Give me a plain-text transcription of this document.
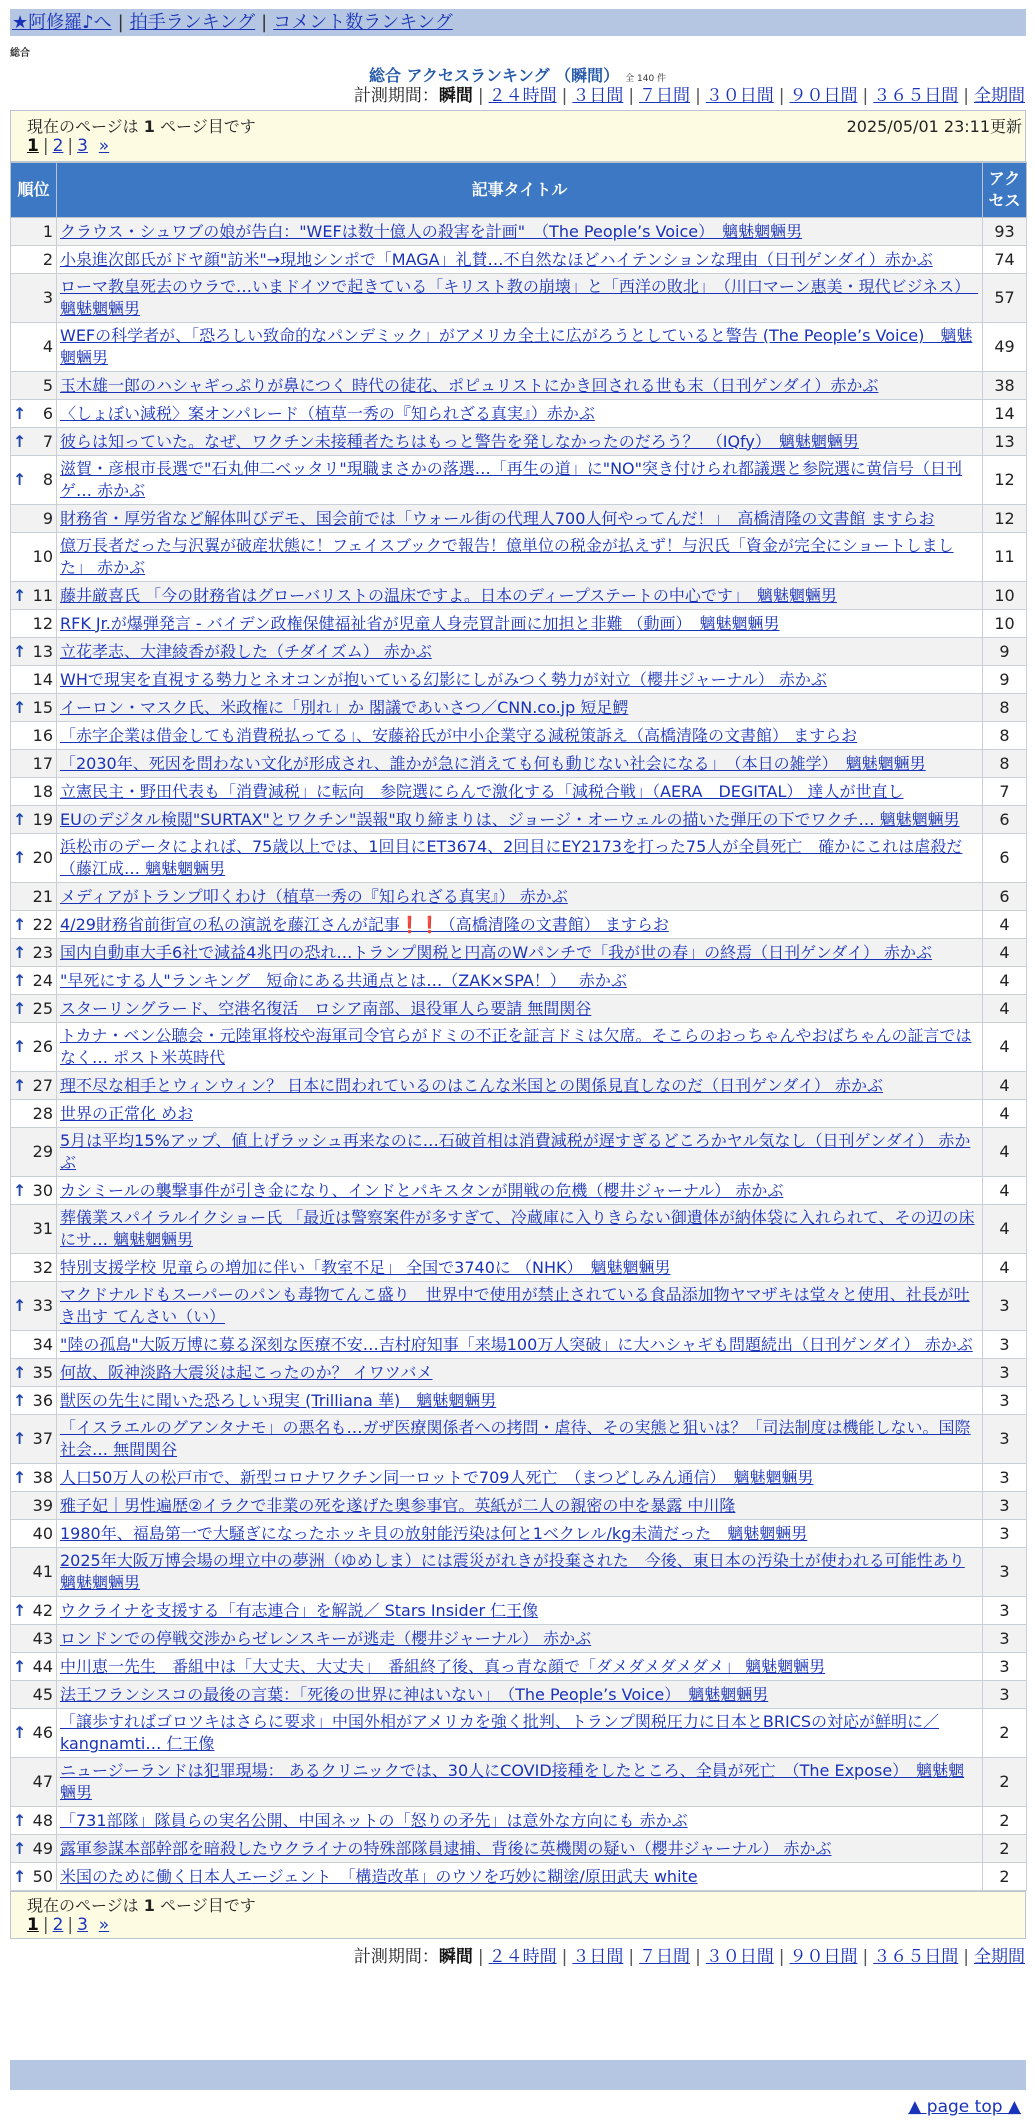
★阿修羅♪へ | 拍手ランキング | コメント数ランキング
総合
総合 アクセスランキング （瞬間） 全 140 件
計測期間：瞬間 | ２４時間 | ３日間 | ７日間 | ３０日間 | ９０日間 | ３６５日間 | 全期間
現在のページは 1 ページ目です	2025/05/01 23:11更新
1 | 2 | 3 »
順位	記事タイトル	アクセス
1	クラウス・シュワブの娘が告白："WEFは数十億人の殺害を計画"　（The People’s Voice）　魑魅魍魎男	93
2	小泉進次郎氏がドヤ顔"訪米"→現地シンポで「MAGA」礼賛…不自然なほどハイテンションな理由（日刊ゲンダイ）赤かぶ	74
3	ローマ教皇死去のウラで…いまドイツで起きている「キリスト教の崩壊」と「西洋の敗北」　（川口マーン惠美・現代ビジネス）　魑魅魍魎男	57
4	WEFの科学者が、「恐ろしい致命的なパンデミック」がアメリカ全土に広がろうとしていると警告 (The People’s Voice)　魑魅魍魎男	49
5	玉木雄一郎のハシャギっぷりが鼻につく 時代の徒花、ポピュリストにかき回される世も末（日刊ゲンダイ）赤かぶ	38

↑ 6	〈しょぼい減税〉案オンパレード（植草一秀の『知られざる真実』）赤かぶ	14

↑ 7	彼らは知っていた。なぜ、ワクチン未接種者たちはもっと警告を発しなかったのだろう？　（IQfy）　魑魅魍魎男	13

↑ 8	滋賀・彦根市長選で"石丸伸二ベッタリ"現職まさかの落選…「再生の道」に"NO"突き付けられ都議選と参院選に黄信号（日刊ゲ… 赤かぶ	12
9	財務省・厚労省など解体叫びデモ、国会前では「ウォール街の代理人700人何やってんだ！」　高橋清隆の文書館 ますらお	12
10	億万長者だった与沢翼が破産状態に！フェイスブックで報告！億単位の税金が払えず！与沢氏「資金が完全にショートしました」 赤かぶ	11

↑ 11	藤井厳喜氏 「今の財務省はグローバリストの温床ですよ。日本のディープステートの中心です」　魑魅魍魎男	10
12	RFK Jr.が爆弾発言 - バイデン政権保健福祉省が児童人身売買計画に加担と非難 （動画）　魑魅魍魎男	10

↑ 13	立花孝志、大津綾香が殺した（チダイズム） 赤かぶ	9
14	WHで現実を直視する勢力とネオコンが抱いている幻影にしがみつく勢力が対立（櫻井ジャーナル） 赤かぶ	9

↑ 15	イーロン・マスク氏、米政権に「別れ」か 閣議であいさつ／CNN.co.jp 短足鰐	8
16	「赤字企業は借金しても消費税払ってる」、安藤裕氏が中小企業守る減税策訴え（高橋清隆の文書館） ますらお	8
17	「2030年、死因を問わない文化が形成され、誰かが急に消えても何も動じない社会になる」　（本日の雑学）　魑魅魍魎男	8
18	立憲民主・野田代表も「消費減税」に転向　参院選にらんで激化する「減税合戦」（AERA　DEGITAL） 達人が世直し	7

↑ 19	EUのデジタル検閲"SURTAX"とワクチン"誤報"取り締まりは、ジョージ・オーウェルの描いた弾圧の下でワクチ… 魑魅魍魎男	6

↑ 20	浜松市のデータによれば、75歳以上では、1回目にET3674、2回目にEY2173を打った75人が全員死亡　確かにこれは虐殺だ（藤江成… 魑魅魍魎男	6
21	メディアがトランプ叩くわけ（植草一秀の『知られざる真実』） 赤かぶ	6

↑ 22	4/29財務省前街宣の私の演説を藤江さんが記事❗❗（高橋清隆の文書館） ますらお	4

↑ 23	国内自動車大手6社で減益4兆円の恐れ…トランプ関税と円高のWパンチで「我が世の春」の終焉（日刊ゲンダイ） 赤かぶ	4

↑ 24	"早死にする人"ランキング　短命にある共通点とは…（ZAK×SPA！）　 赤かぶ	4

↑ 25	スターリングラード、空港名復活　ロシア南部、退役軍人ら要請 無間関谷	4

↑ 26	トカナ・ベン公聴会・元陸軍将校や海軍司令官らがドミの不正を証言ドミは欠席。そこらのおっちゃんやおばちゃんの証言ではなく… ポスト米英時代	4

↑ 27	理不尽な相手とウィンウィン？ 日本に問われているのはこんな米国との関係見直しなのだ（日刊ゲンダイ） 赤かぶ	4
28	世界の正常化 めお	4
29	5月は平均15%アップ、値上げラッシュ再来なのに…石破首相は消費減税が遅すぎるどころかヤル気なし（日刊ゲンダイ） 赤かぶ	4

↑ 30	カシミールの襲撃事件が引き金になり、インドとパキスタンが開戦の危機（櫻井ジャーナル） 赤かぶ	4
31	葬儀業スパイラルイクショー氏 「最近は警察案件が多すぎて、冷蔵庫に入りきらない御遺体が納体袋に入れられて、その辺の床にサ… 魑魅魍魎男	4
32	特別支援学校 児童らの増加に伴い「教室不足」 全国で3740に （NHK）　魑魅魍魎男	4

↑ 33	マクドナルドもスーパーのパンも毒物てんこ盛り　世界中で使用が禁止されている食品添加物ヤマザキは堂々と使用、社長が吐き出す てんさい（い）	3
34	"陸の孤島"大阪万博に募る深刻な医療不安…吉村府知事「来場100万人突破」に大ハシャギも問題続出（日刊ゲンダイ） 赤かぶ	3

↑ 35	何故、阪神淡路大震災は起こったのか？ イワツバメ	3

↑ 36	獣医の先生に聞いた恐ろしい現実 (Trilliana 華)　魑魅魍魎男	3

↑ 37	「イスラエルのグアンタナモ」の悪名も…ガザ医療関係者への拷問・虐待、その実態と狙いは？「司法制度は機能しない。国際社会… 無間関谷	3

↑ 38	人口50万人の松戸市で、新型コロナワクチン同一ロットで709人死亡　（まつどしみん通信）　魑魅魍魎男	3
39	雅子妃｜男性遍歴②イラクで非業の死を遂げた奥参事官。英紙が二人の親密の中を暴露 中川隆	3
40	1980年、福島第一で大騒ぎになったホッキ貝の放射能汚染は何と1ベクレル/kg未満だった　魑魅魍魎男	3
41	2025年大阪万博会場の埋立中の夢洲（ゆめしま）には震災がれきが投棄された　今後、東日本の汚染土が使われる可能性あり 魑魅魍魎男	3

↑ 42	ウクライナを支援する「有志連合」を解説／ Stars Insider 仁王像	3
43	ロンドンでの停戦交渉からゼレンスキーが逃走（櫻井ジャーナル） 赤かぶ	3

↑ 44	中川恵一先生　番組中は「大丈夫、大丈夫」　番組終了後、真っ青な顔で「ダメダメダメダメ」 魑魅魍魎男	3
45	法王フランシスコの最後の言葉：「死後の世界に神はいない」　（The People’s Voice）　魑魅魍魎男	3

↑ 46	「譲歩すればゴロツキはさらに要求」中国外相がアメリカを強く批判、トランプ関税圧力に日本とBRICSの対応が鮮明に／kangnamti… 仁王像	2
47	ニュージーランドは犯罪現場： あるクリニックでは、30人にCOVID接種をしたところ、全員が死亡　（The Expose）　魑魅魍魎男	2

↑ 48	「731部隊」隊員らの実名公開、中国ネットの「怒りの矛先」は意外な方向にも 赤かぶ	2

↑ 49	露軍参謀本部幹部を暗殺したウクライナの特殊部隊員逮捕、背後に英機関の疑い（櫻井ジャーナル） 赤かぶ	2

↑ 50	米国のために働く日本人エージェント　「構造改革」のウソを巧妙に糊塗/原田武夫 white	2
現在のページは 1 ページ目です
1 | 2 | 3 »
計測期間：瞬間 | ２４時間 | ３日間 | ７日間 | ３０日間 | ９０日間 | ３６５日間 | 全期間
▲ page top ▲
